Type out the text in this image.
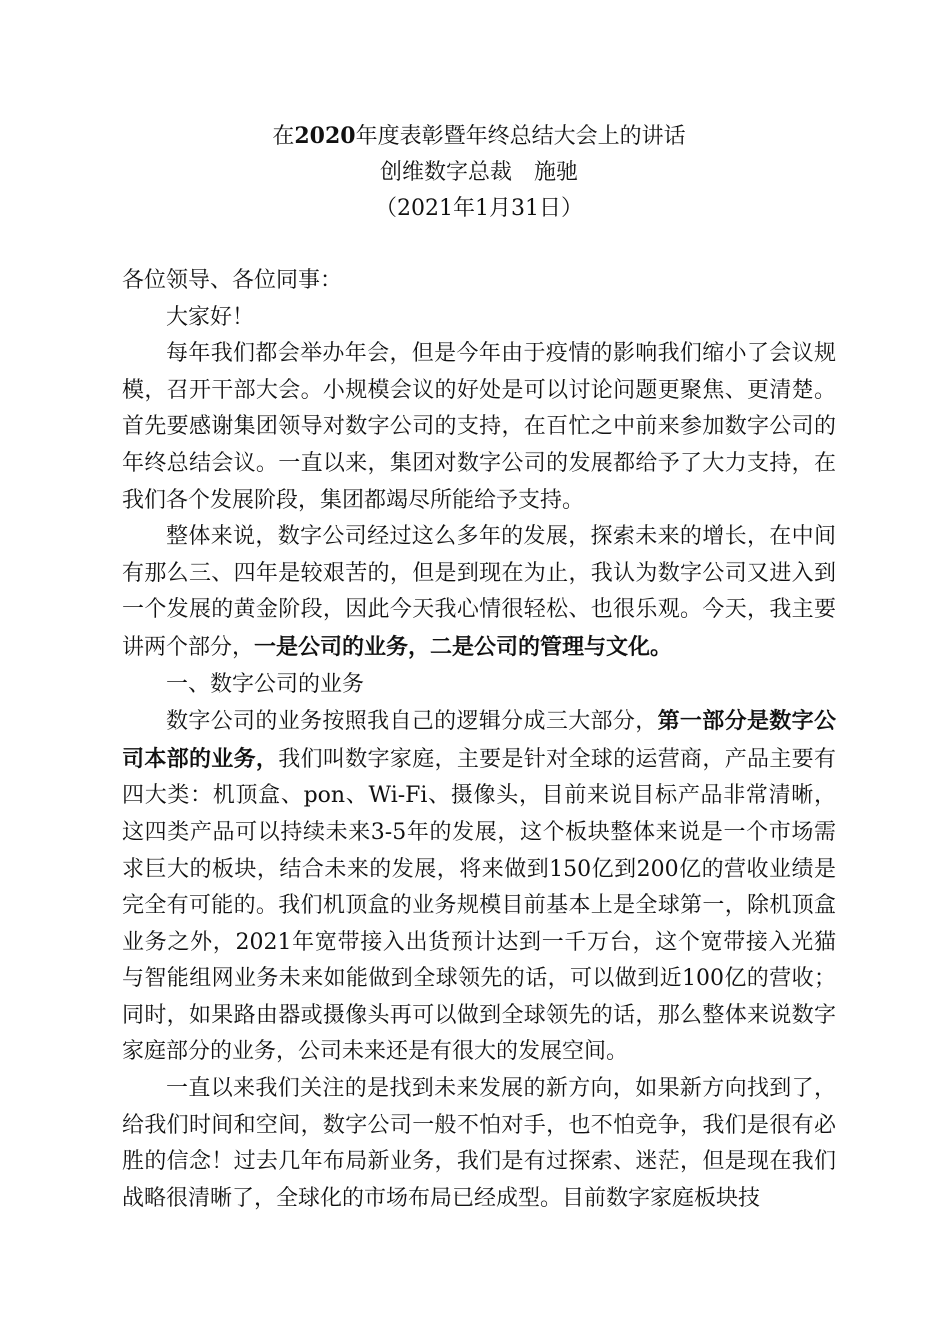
在2020年度表彰暨年终总结大会上的讲话
创维数字总裁　施驰
（2021年1月31日）

各位领导、各位同事：

大家好！

每年我们都会举办年会，但是今年由于疫情的影响我们缩小了会议规模，召开干部大会。小规模会议的好处是可以讨论问题更聚焦、更清楚。首先要感谢集团领导对数字公司的支持，在百忙之中前来参加数字公司的年终总结会议。一直以来，集团对数字公司的发展都给予了大力支持，在我们各个发展阶段，集团都竭尽所能给予支持。

整体来说，数字公司经过这么多年的发展，探索未来的增长，在中间有那么三、四年是较艰苦的，但是到现在为止，我认为数字公司又进入到一个发展的黄金阶段，因此今天我心情很轻松、也很乐观。今天，我主要讲两个部分，一是公司的业务，二是公司的管理与文化。

一、数字公司的业务

数字公司的业务按照我自己的逻辑分成三大部分，第一部分是数字公司本部的业务，我们叫数字家庭，主要是针对全球的运营商，产品主要有四大类：机顶盒、pon、Wi-Fi、摄像头，目前来说目标产品非常清晰，这四类产品可以持续未来3-5年的发展，这个板块整体来说是一个市场需求巨大的板块，结合未来的发展，将来做到150亿到200亿的营收业绩是完全有可能的。我们机顶盒的业务规模目前基本上是全球第一，除机顶盒业务之外，2021年宽带接入出货预计达到一千万台，这个宽带接入光猫与智能组网业务未来如能做到全球领先的话，可以做到近100亿的营收；同时，如果路由器或摄像头再可以做到全球领先的话，那么整体来说数字家庭部分的业务，公司未来还是有很大的发展空间。

一直以来我们关注的是找到未来发展的新方向，如果新方向找到了，给我们时间和空间，数字公司一般不怕对手，也不怕竞争，我们是很有必胜的信念！过去几年布局新业务，我们是有过探索、迷茫，但是现在我们战略很清晰了，全球化的市场布局已经成型。目前数字家庭板块技
